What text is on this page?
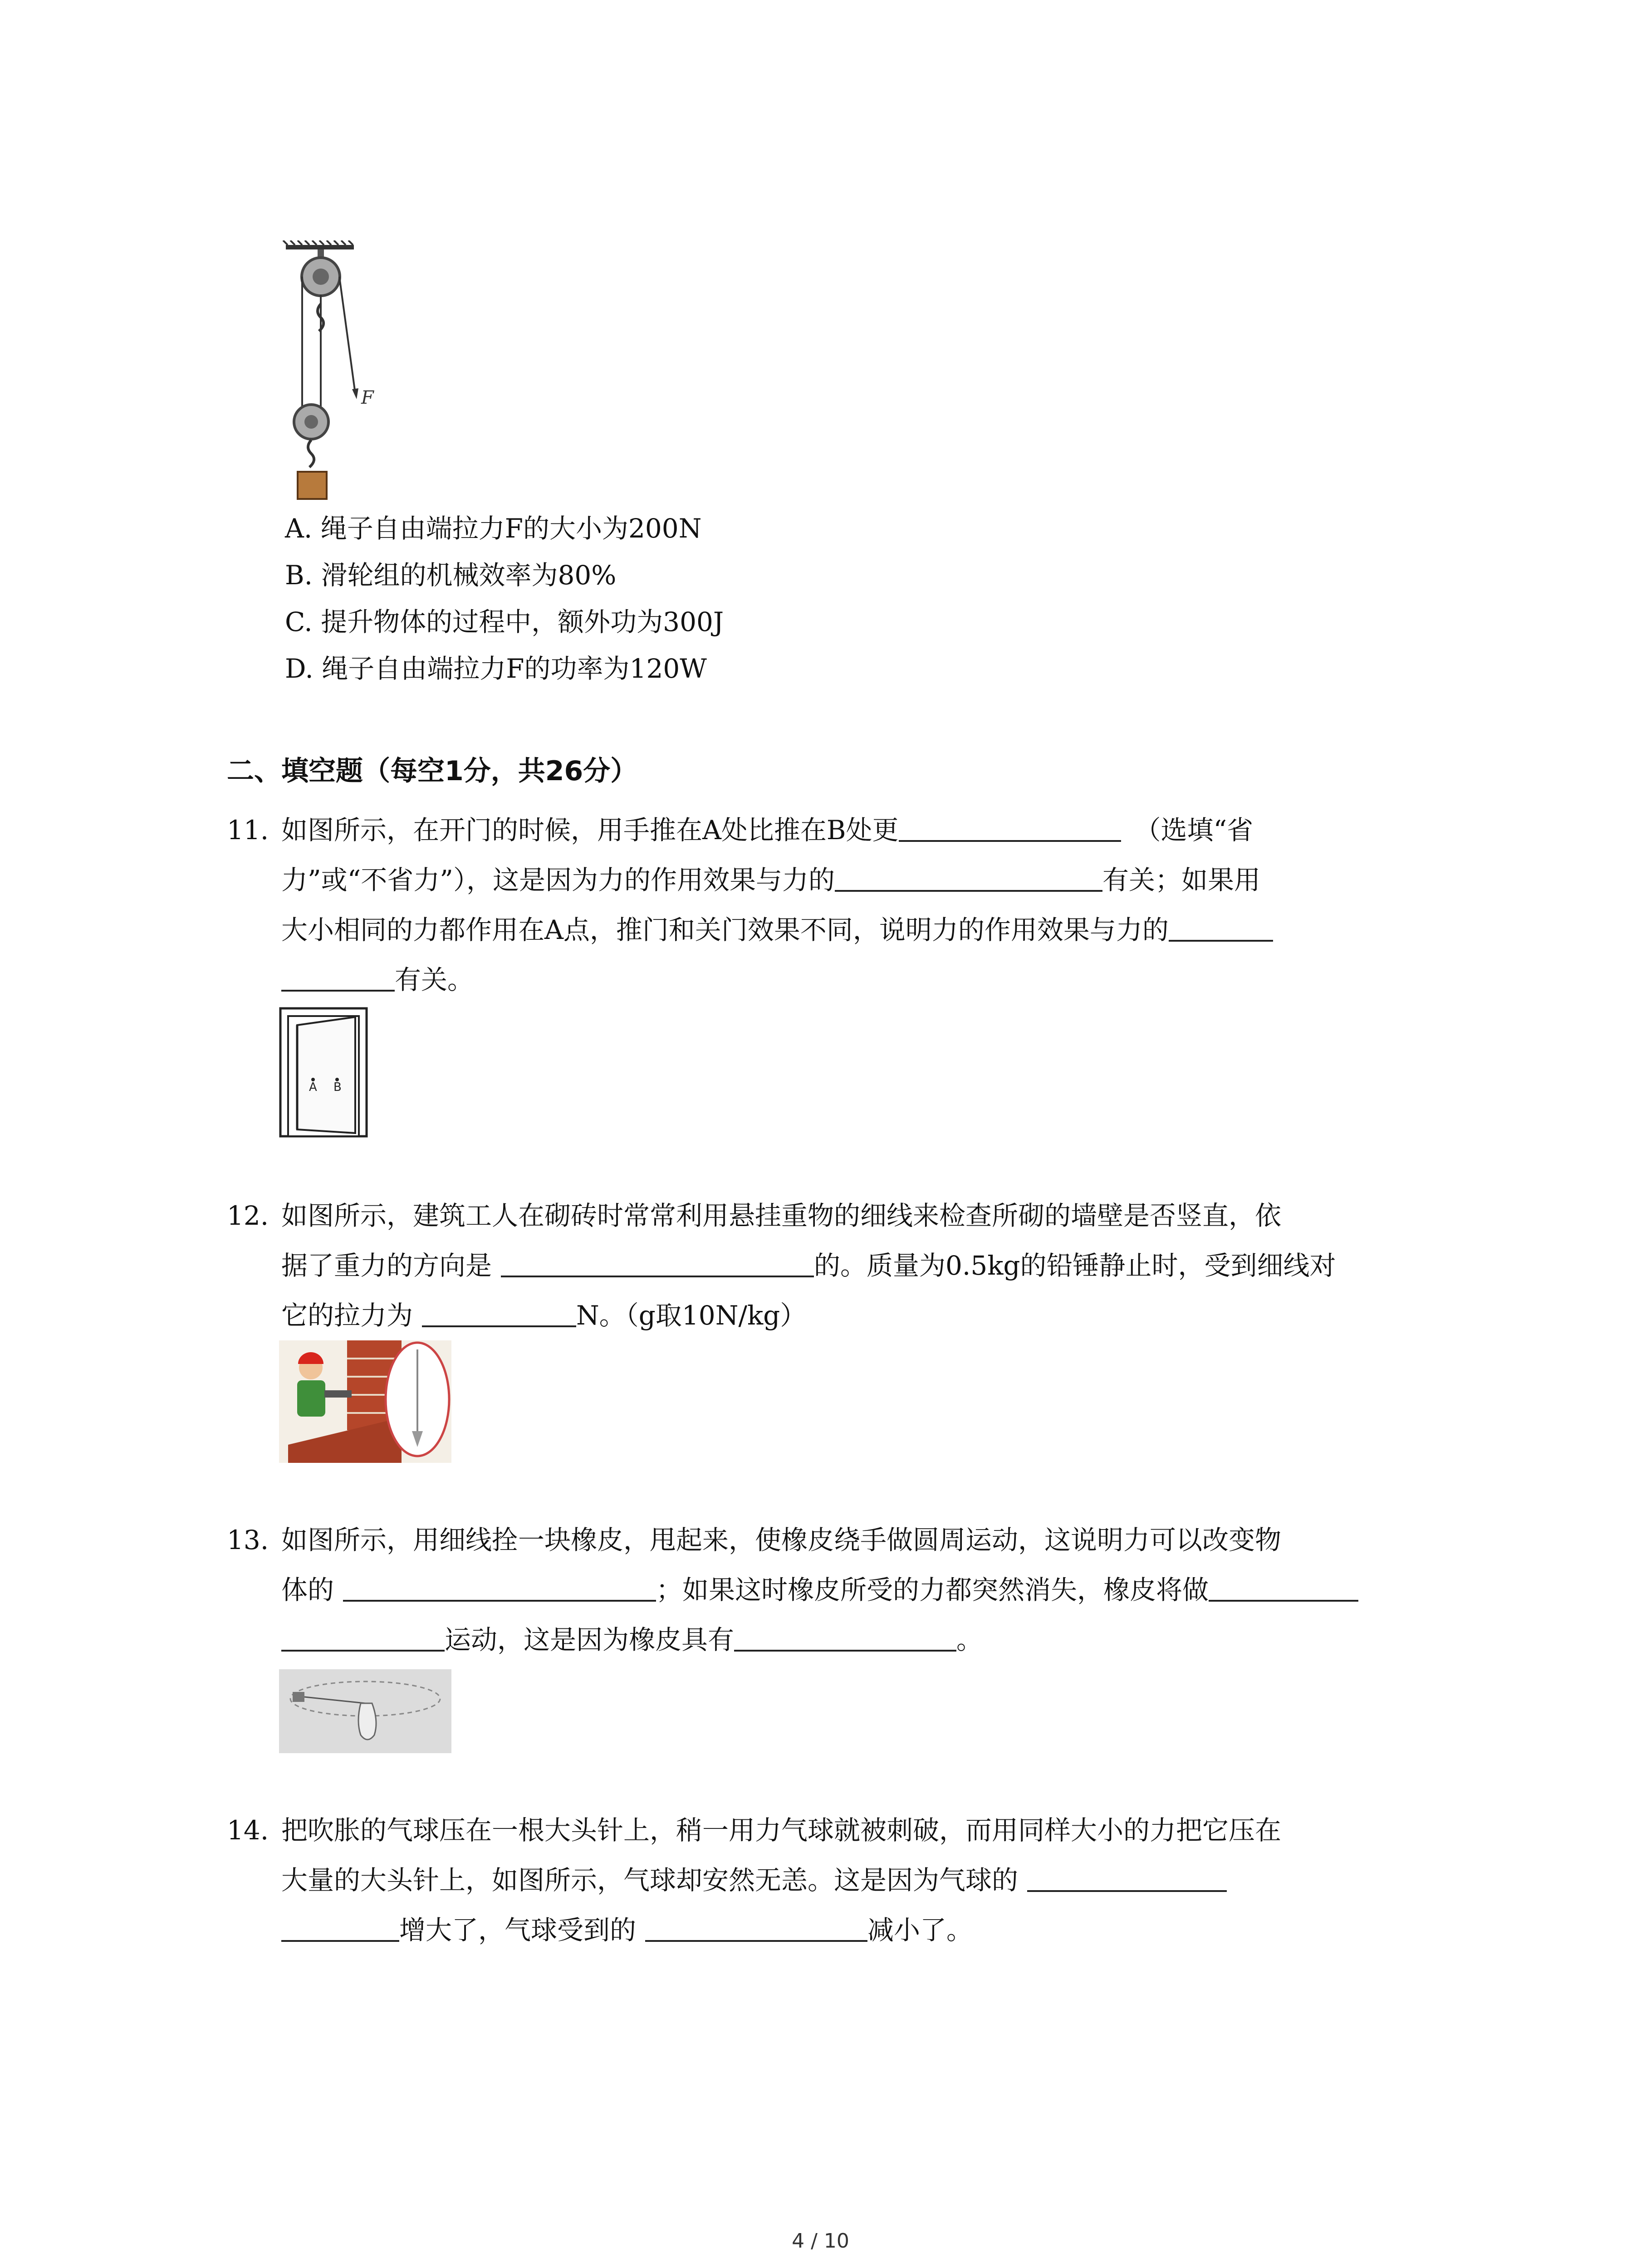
F
A. 绳子自由端拉力F的大小为200N
B. 滑轮组的机械效率为80%
C. 提升物体的过程中，额外功为300J
D. 绳子自由端拉力F的功率为120W
二、填空题（每空1分，共26分）
11. 如图所示，在开门的时候，用手推在A处比推在B处更	（选填“省
力”或“不省力”），这是因为力的作用效果与力的	有关；如果用
大小相同的力都作用在A点，推门和关门效果不同，说明力的作用效果与力的
有关。
A B
12. 如图所示，建筑工人在砌砖时常常利用悬挂重物的细线来检查所砌的墙壁是否竖直，依
据了重力的方向是	的。质量为0.5kg的铅锤静止时，受到细线对
它的拉力为	N。（g取10N/kg）
13. 如图所示，用细线拴一块橡皮，甩起来，使橡皮绕手做圆周运动，这说明力可以改变物
体的	；如果这时橡皮所受的力都突然消失，橡皮将做
运动，这是因为橡皮具有	。
14. 把吹胀的气球压在一根大头针上，稍一用力气球就被刺破，而用同样大小的力把它压在
大量的大头针上，如图所示，气球却安然无恙。这是因为气球的
增大了，气球受到的	减小了。
4 / 10
